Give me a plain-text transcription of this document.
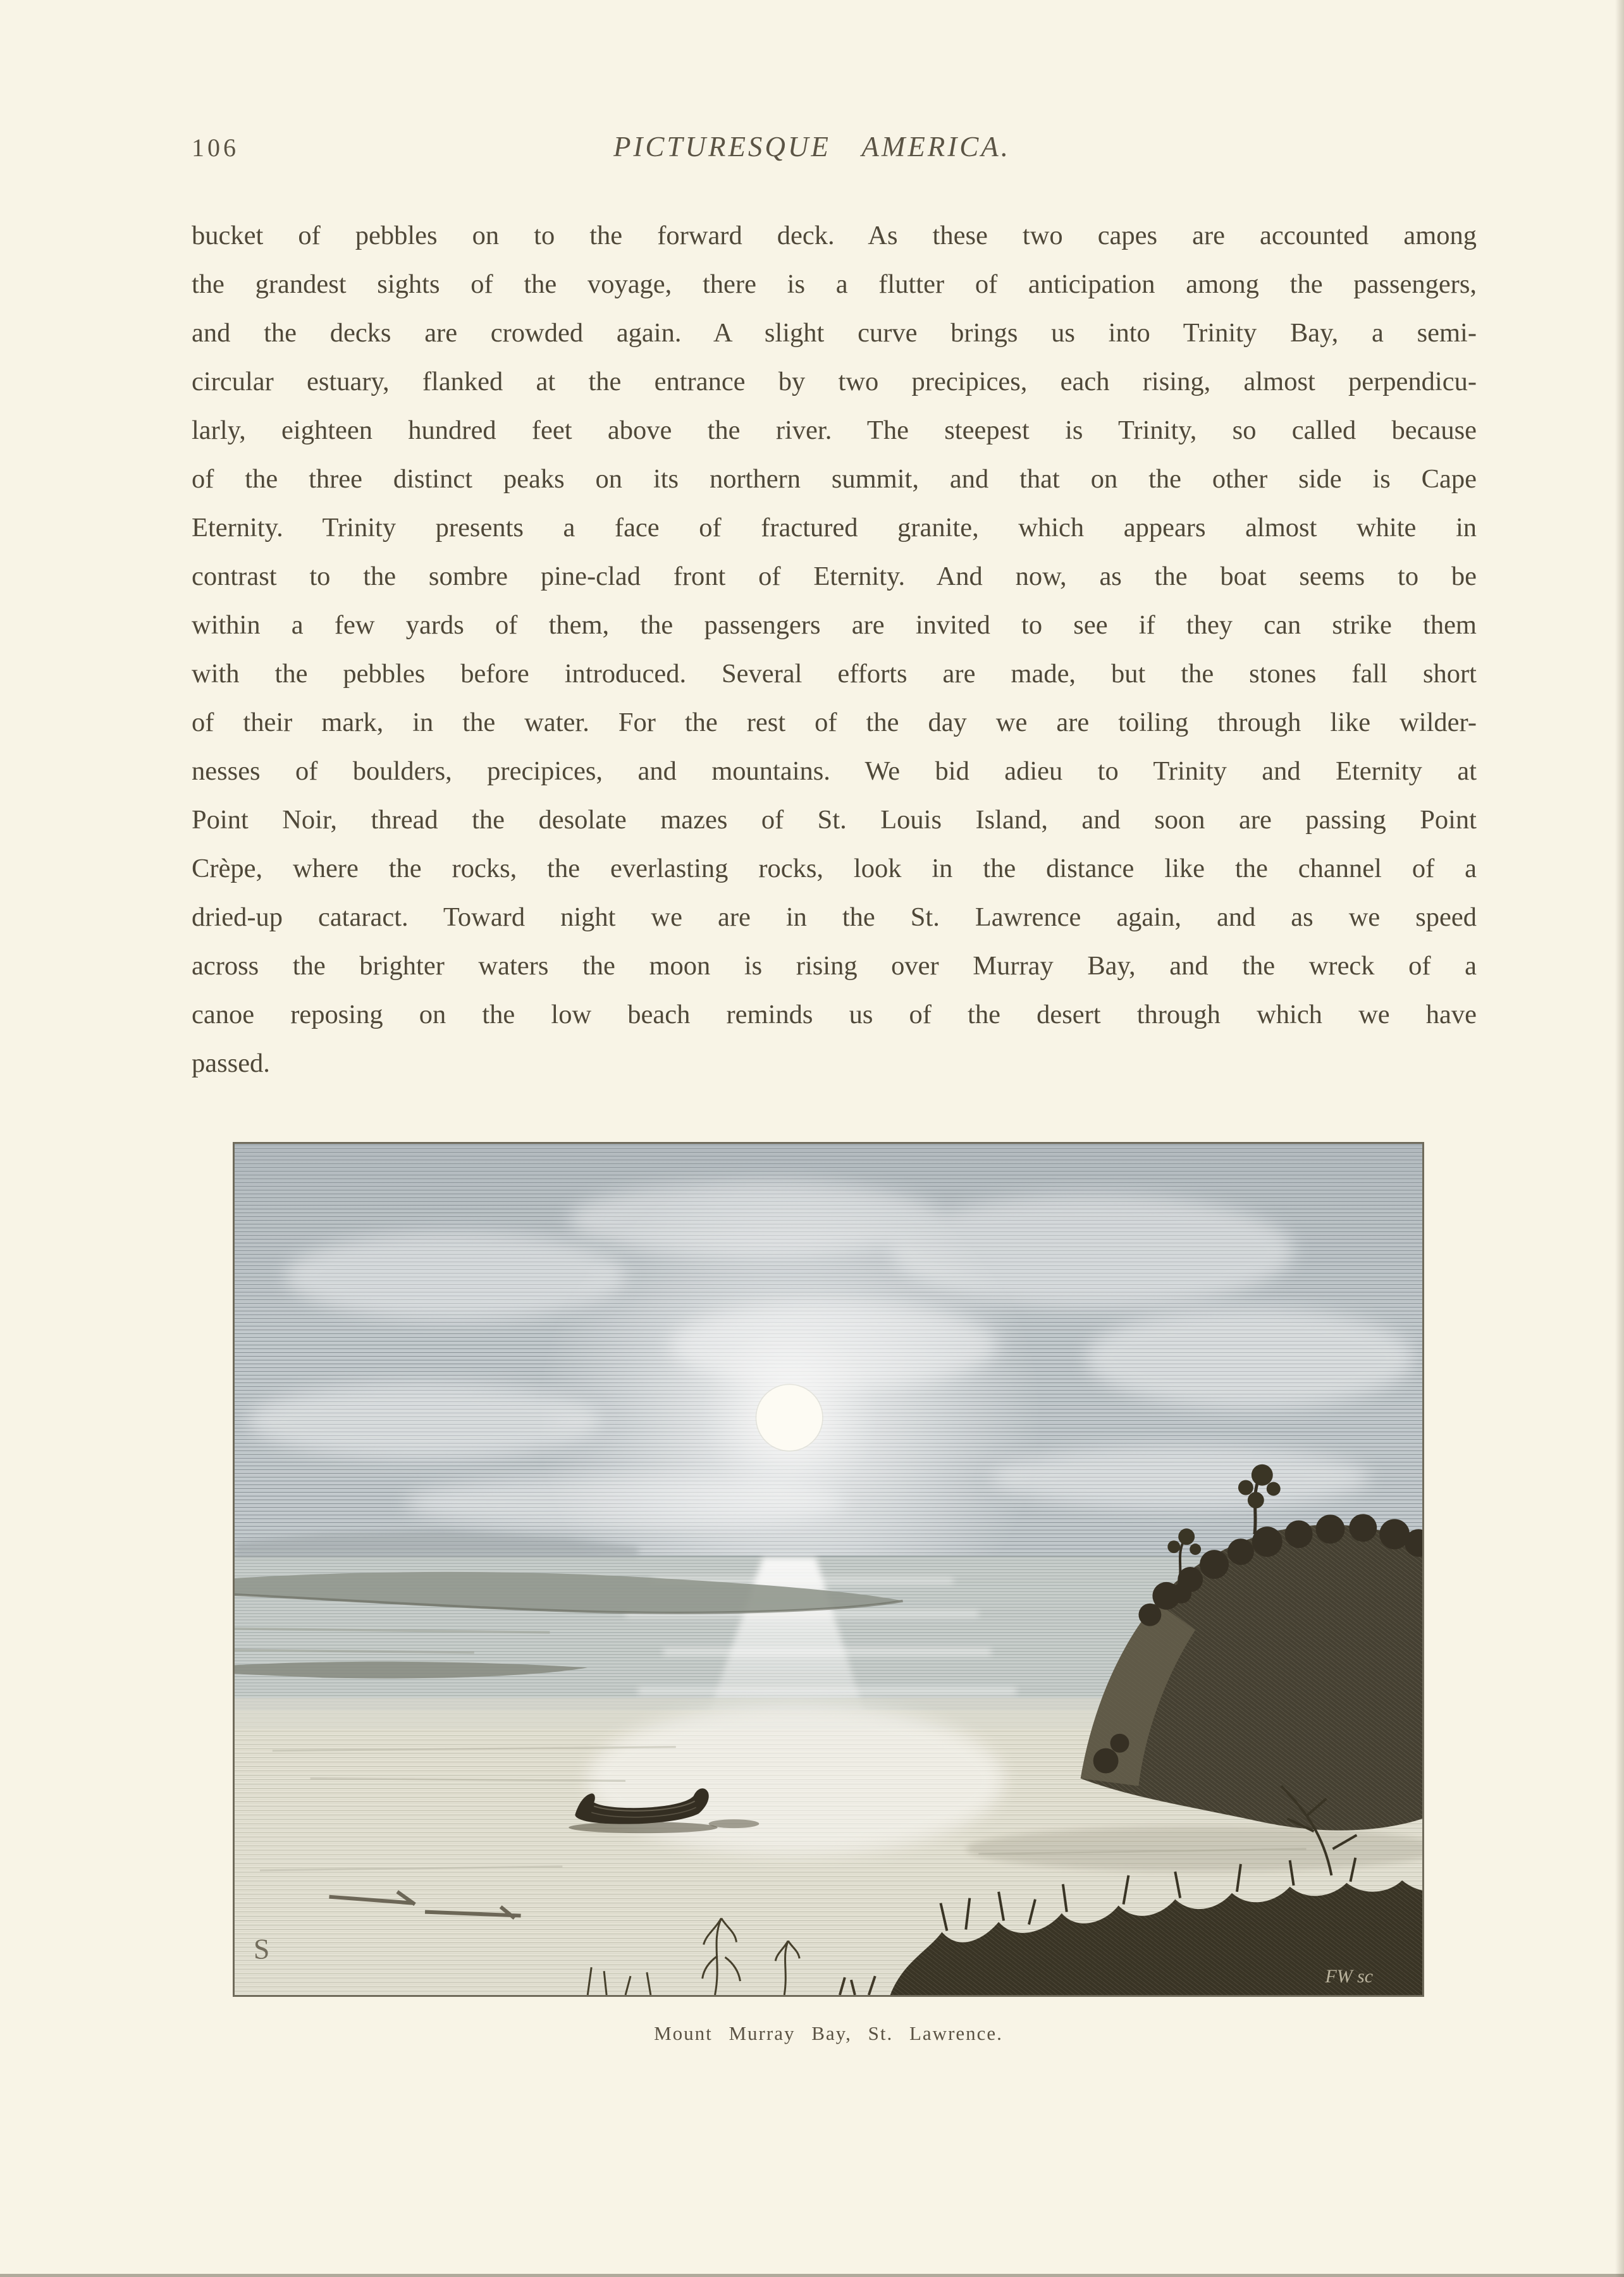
106	PICTURESQUE AMERICA.
bucket of pebbles on to the forward deck. As these two capes are accounted among
the grandest sights of the voyage, there is a flutter of anticipation among the passengers,
and the decks are crowded again. A slight curve brings us into Trinity Bay, a semi-
circular estuary, flanked at the entrance by two precipices, each rising, almost perpendicu-
larly, eighteen hundred feet above the river. The steepest is Trinity, so called because
of the three distinct peaks on its northern summit, and that on the other side is Cape
Eternity. Trinity presents a face of fractured granite, which appears almost white in
contrast to the sombre pine-clad front of Eternity. And now, as the boat seems to be
within a few yards of them, the passengers are invited to see if they can strike them
with the pebbles before introduced. Several efforts are made, but the stones fall short
of their mark, in the water. For the rest of the day we are toiling through like wilder-
nesses of boulders, precipices, and mountains. We bid adieu to Trinity and Eternity at
Point Noir, thread the desolate mazes of St. Louis Island, and soon are passing Point
Crèpe, where the rocks, the everlasting rocks, look in the distance like the channel of a
dried-up cataract. Toward night we are in the St. Lawrence again, and as we speed
across the brighter waters the moon is rising over Murray Bay, and the wreck of a
canoe reposing on the low beach reminds us of the desert through which we have
passed.
S
FW sc
Mount Murray Bay, St. Lawrence.
